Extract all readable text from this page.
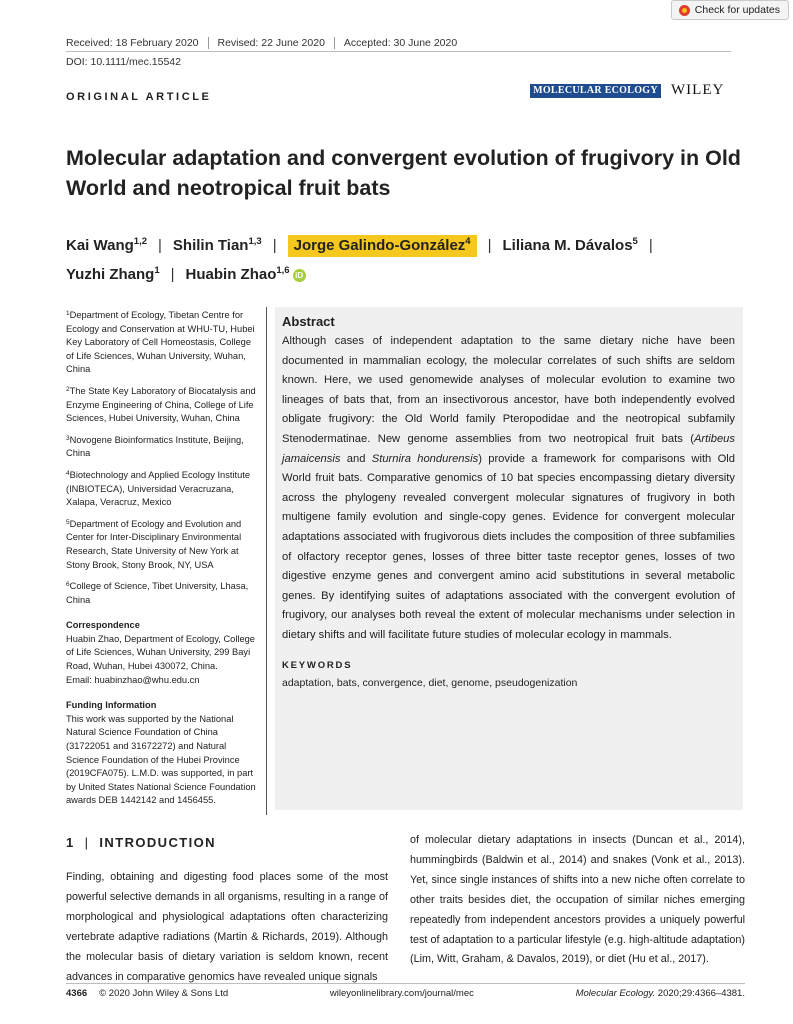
Check for updates
Received: 18 February 2020	Revised: 22 June 2020	Accepted: 30 June 2020
DOI: 10.1111/mec.15542
ORIGINAL ARTICLE
MOLECULAR ECOLOGY WILEY
Molecular adaptation and convergent evolution of frugivory in Old World and neotropical fruit bats
Kai Wang$^{1,2}$ | Shilin Tian$^{1,3}$ | Jorge Galindo-González$^4$ | Liliana M. Dávalos$^5$ |
Yuzhi Zhang$^1$ | Huabin Zhao$^{1,6}$ iD
$^1$Department of Ecology, Tibetan Centre for Ecology and Conservation at WHU-TU, Hubei Key Laboratory of Cell Homeostasis, College of Life Sciences, Wuhan University, Wuhan, China
$^2$The State Key Laboratory of Biocatalysis and Enzyme Engineering of China, College of Life Sciences, Hubei University, Wuhan, China
$^3$Novogene Bioinformatics Institute, Beijing, China
$^4$Biotechnology and Applied Ecology Institute (INBIOTECA), Universidad Veracruzana, Xalapa, Veracruz, Mexico
$^5$Department of Ecology and Evolution and Center for Inter-Disciplinary Environmental Research, State University of New York at Stony Brook, Stony Brook, NY, USA
$^6$College of Science, Tibet University, Lhasa, China
Correspondence
Huabin Zhao, Department of Ecology, College of Life Sciences, Wuhan University, 299 Bayi Road, Wuhan, Hubei 430072, China.
Email: huabinzhao@whu.edu.cn
Funding Information
This work was supported by the National Natural Science Foundation of China (31722051 and 31672272) and Natural Science Foundation of the Hubei Province (2019CFA075). L.M.D. was supported, in part by United States National Science Foundation awards DEB 1442142 and 1456455.
Abstract

Although cases of independent adaptation to the same dietary niche have been documented in mammalian ecology, the molecular correlates of such shifts are seldom known. Here, we used genomewide analyses of molecular evolution to examine two lineages of bats that, from an insectivorous ancestor, have both independently evolved obligate frugivory: the Old World family Pteropodidae and the neotropical subfamily Stenodermatinae. New genome assemblies from two neotropical fruit bats (Artibeus jamaicensis and Sturnira hondurensis) provide a framework for comparisons with Old World fruit bats. Comparative genomics of 10 bat species encompassing dietary diversity across the phylogeny revealed convergent molecular signatures of frugivory in both multigene family evolution and single-copy genes. Evidence for convergent molecular adaptations associated with frugivorous diets includes the composition of three subfamilies of olfactory receptor genes, losses of three bitter taste receptor genes, losses of two digestive enzyme genes and convergent amino acid substitutions in several metabolic genes. By identifying suites of adaptations associated with the convergent evolution of frugivory, our analyses both reveal the extent of molecular mechanisms under selection in dietary shifts and will facilitate future studies of molecular ecology in mammals.

KEYWORDS
adaptation, bats, convergence, diet, genome, pseudogenization
1 | INTRODUCTION

Finding, obtaining and digesting food places some of the most powerful selective demands in all organisms, resulting in a range of morphological and physiological adaptations often characterizing vertebrate adaptive radiations (Martin & Richards, 2019). Although the molecular basis of dietary variation is seldom known, recent advances in comparative genomics have revealed unique signals

of molecular dietary adaptations in insects (Duncan et al., 2014), hummingbirds (Baldwin et al., 2014) and snakes (Vonk et al., 2013). Yet, since single instances of shifts into a new niche often correlate to other traits besides diet, the occupation of similar niches emerging repeatedly from independent ancestors provides a uniquely powerful test of adaptation to a particular lifestyle (e.g. high-altitude adaptation) (Lim, Witt, Graham, & Davalos, 2019), or diet (Hu et al., 2017).

4366 © 2020 John Wiley & Sons Ltd	wileyonlinelibrary.com/journal/mec	Molecular Ecology. 2020;29:4366–4381.
